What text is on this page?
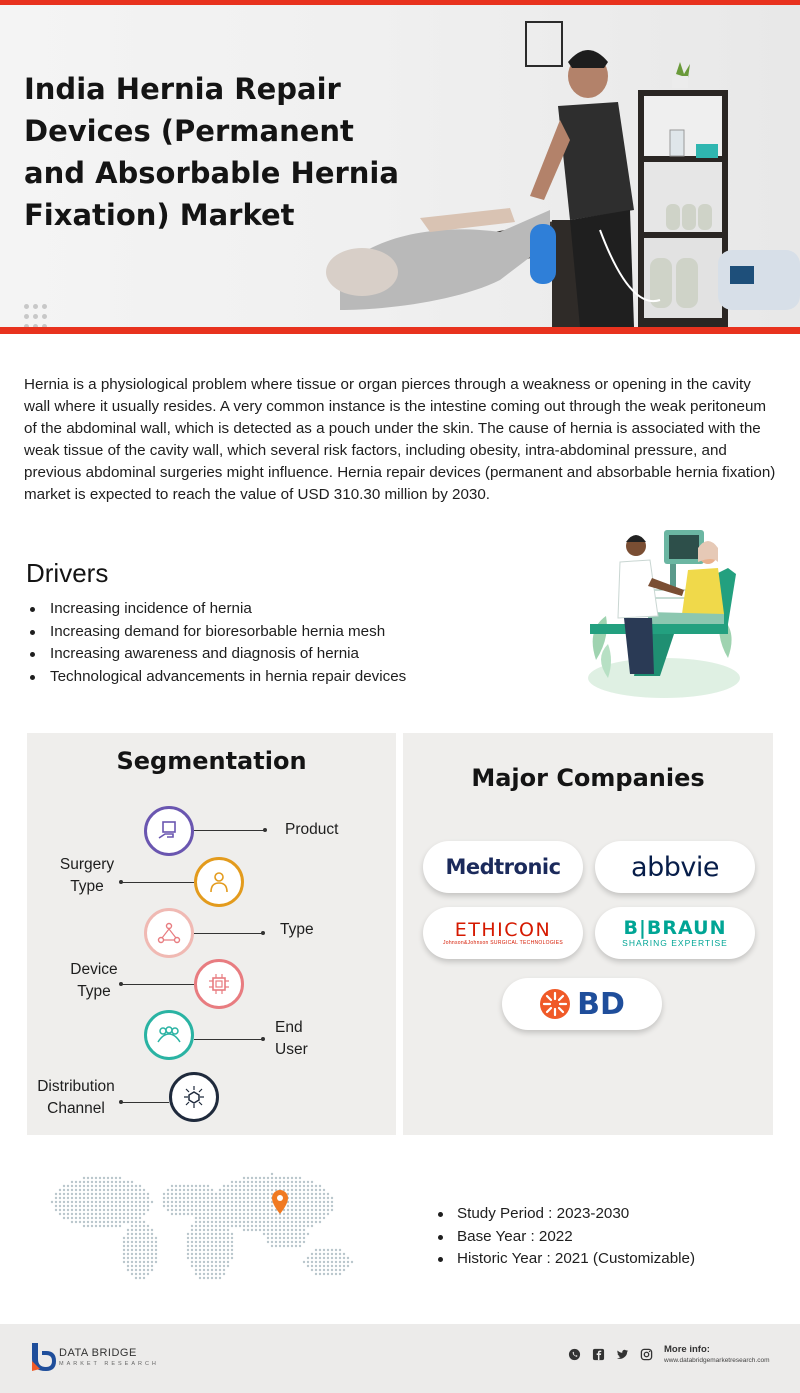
India Hernia Repair Devices (Permanent and Absorbable Hernia Fixation) Market

Hernia is a physiological problem where tissue or organ pierces through a weakness or opening in the cavity wall where it usually resides. A very common instance is the intestine coming out through the weak peritoneum of the abdominal wall, which is detected as a pouch under the skin. The cause of hernia is associated with the weak tissue of the cavity wall, which several risk factors, including obesity, intra-abdominal pressure, and previous abdominal surgeries might influence. Hernia repair devices (permanent and absorbable hernia fixation) market is expected to reach the value of USD 310.30 million by 2030.

Drivers
Increasing incidence of hernia
Increasing demand for bioresorbable hernia mesh
Increasing awareness and diagnosis of hernia
Technological advancements in hernia repair devices
Segmentation
Product
Surgery
Type
Type
Device
Type
End
User
Distribution
Channel
Major Companies
Medtronic	abbvie
ETHICON
Johnson&Johnson SURGICAL TECHNOLOGIES
B|BRAUN
SHARING EXPERTISE
BD
Study Period : 2023-2030
Base Year : 2022
Historic Year : 2021 (Customizable)
DATA BRIDGE
MARKET RESEARCH
More info:
www.databridgemarketresearch.com
